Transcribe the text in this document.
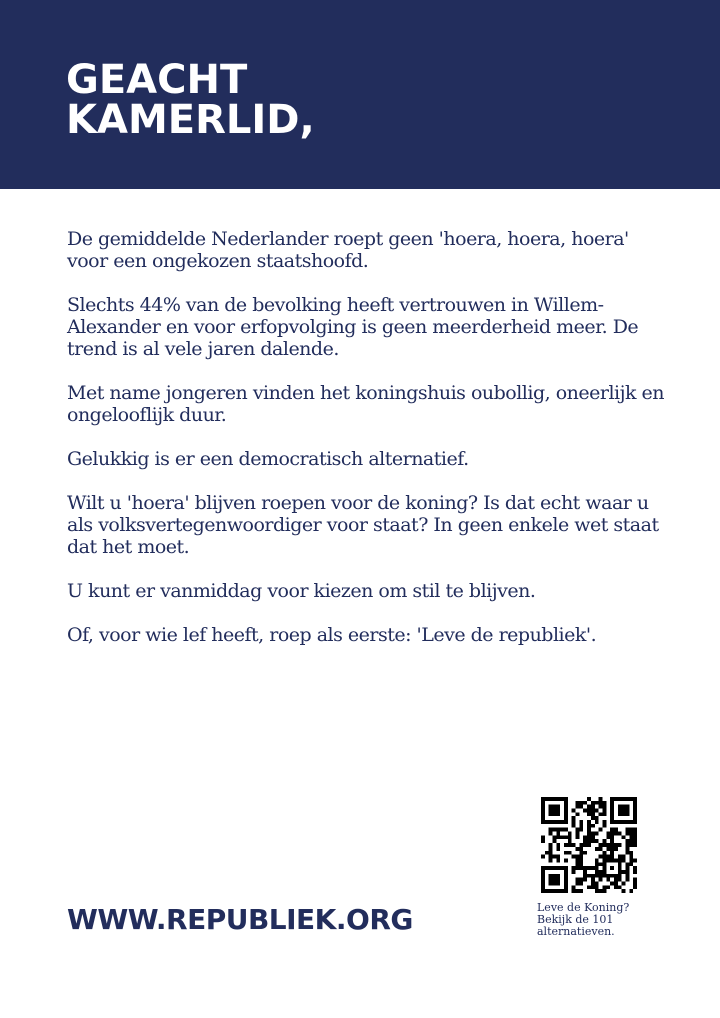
GEACHT
KAMERLID,

De gemiddelde Nederlander roept geen 'hoera, hoera, hoera' voor een ongekozen staatshoofd.

Slechts 44% van de bevolking heeft vertrouwen in Willem-Alexander en voor erfopvolging is geen meerderheid meer. De trend is al vele jaren dalende.

Met name jongeren vinden het koningshuis oubollig, oneerlijk en ongelooflijk duur.

Gelukkig is er een democratisch alternatief.

Wilt u 'hoera' blijven roepen voor de koning? Is dat echt waar u als volksvertegenwoordiger voor staat? In geen enkele wet staat dat het moet.

U kunt er vanmiddag voor kiezen om stil te blijven.

Of, voor wie lef heeft, roep als eerste: 'Leve de republiek'.

WWW.REPUBLIEK.ORG	Leve de Koning?
Bekijk de 101
alternatieven.
